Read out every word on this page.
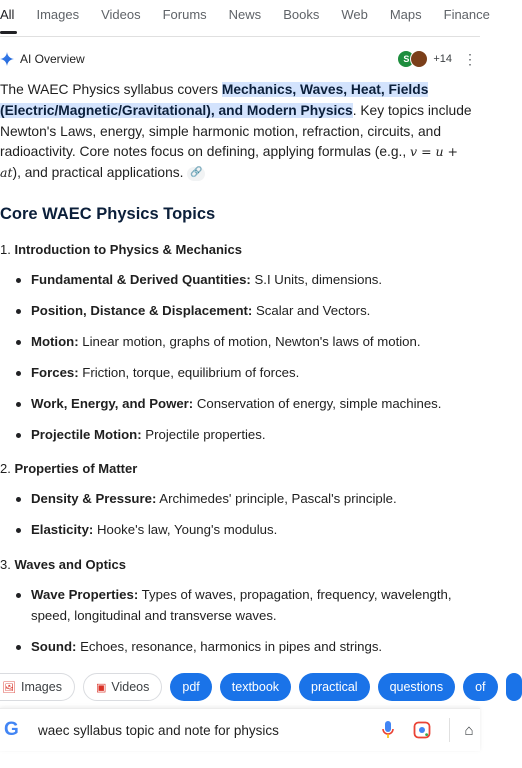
All	Images	Videos	Forums	News	Books	Web	Maps	Finance
AI Overview	S	+14 ⋮

The WAEC Physics syllabus covers Mechanics, Waves, Heat, Fields (Electric/Magnetic/Gravitational), and Modern Physics. Key topics include Newton's Laws, energy, simple harmonic motion, refraction, circuits, and radioactivity. Core notes focus on defining, applying formulas (e.g., v = u + at), and practical applications. 🔗

Core WAEC Physics Topics
1. Introduction to Physics & Mechanics
Fundamental & Derived Quantities: S.I Units, dimensions.
Position, Distance & Displacement: Scalar and Vectors.
Motion: Linear motion, graphs of motion, Newton's laws of motion.
Forces: Friction, torque, equilibrium of forces.
Work, Energy, and Power: Conservation of energy, simple machines.
Projectile Motion: Projectile properties.
2. Properties of Matter
Density & Pressure: Archimedes' principle, Pascal's principle.
Elasticity: Hooke's law, Young's modulus.
3. Waves and Optics
Wave Properties: Types of waves, propagation, frequency, wavelength, speed, longitudinal and transverse waves.
Sound: Echoes, resonance, harmonics in pipes and strings.
🖼 Images	▣ Videos	pdf	textbook	practical	questions	of
G	waec syllabus topic and note for physics	⌂
